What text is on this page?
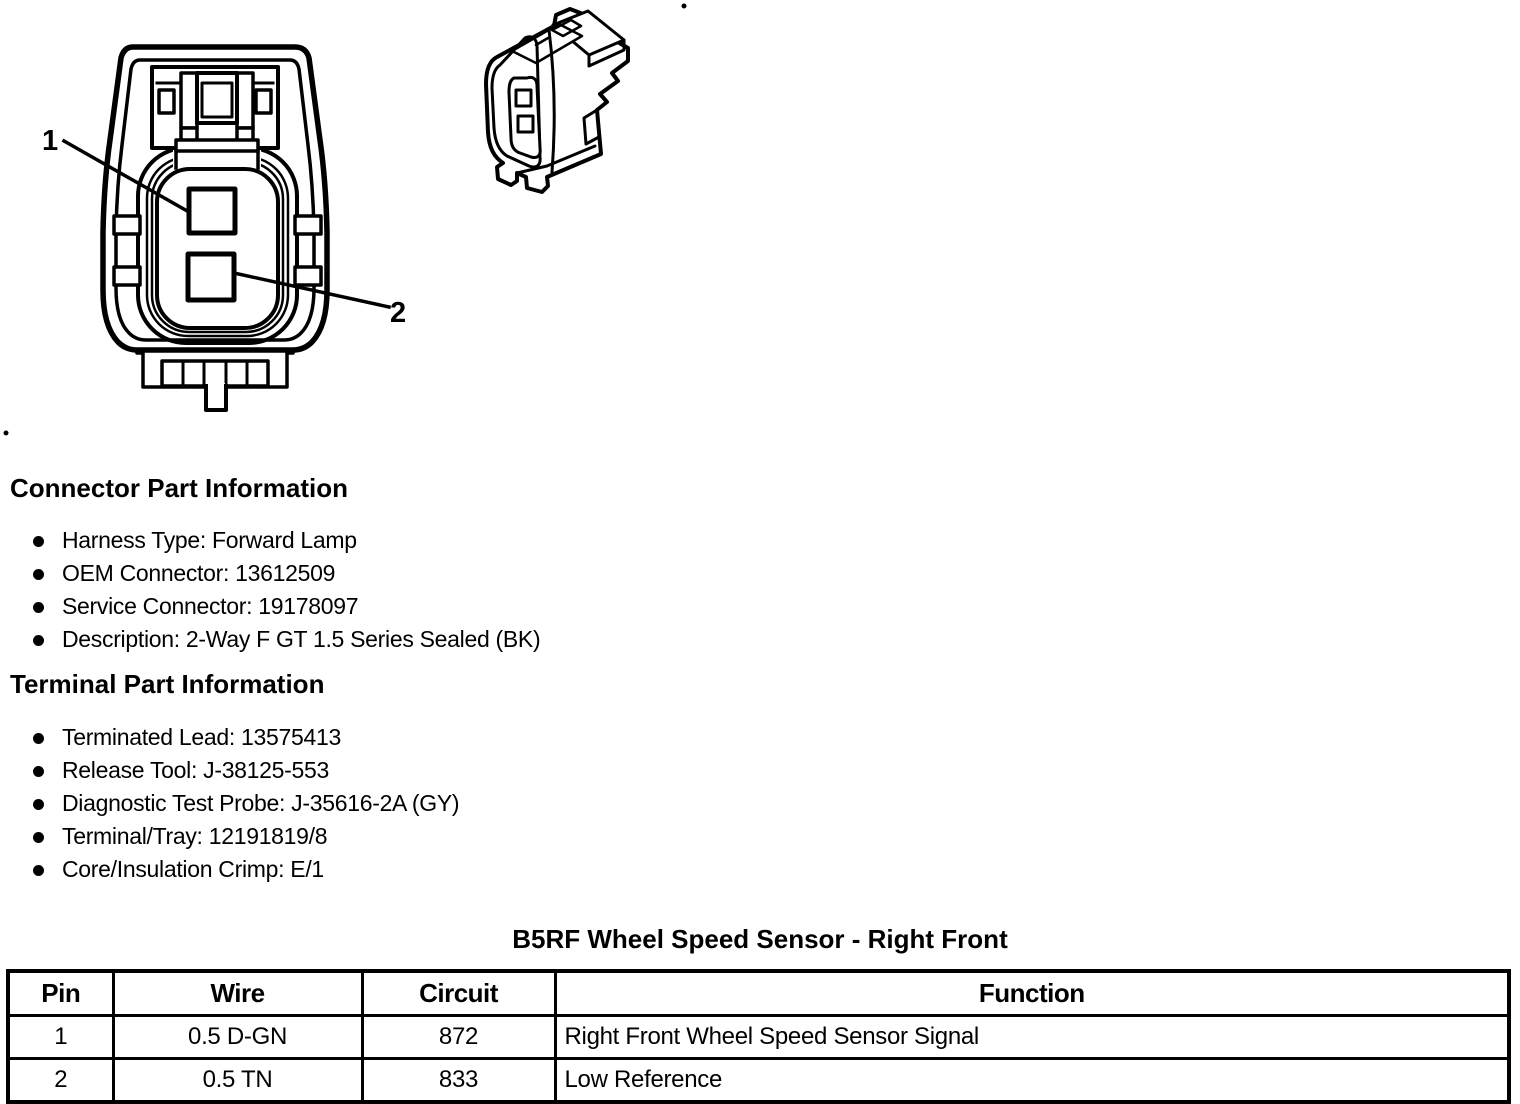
1
2
Connector Part Information
Harness Type: Forward Lamp
OEM Connector: 13612509
Service Connector: 19178097
Description: 2-Way F GT 1.5 Series Sealed (BK)
Terminal Part Information
Terminated Lead: 13575413
Release Tool: J-38125-553
Diagnostic Test Probe: J-35616-2A (GY)
Terminal/Tray: 12191819/8
Core/Insulation Crimp: E/1
B5RF Wheel Speed Sensor - Right Front
Pin	Wire	Circuit	Function
1	0.5 D-GN	872	Right Front Wheel Speed Sensor Signal
2	0.5 TN	833	Low Reference
